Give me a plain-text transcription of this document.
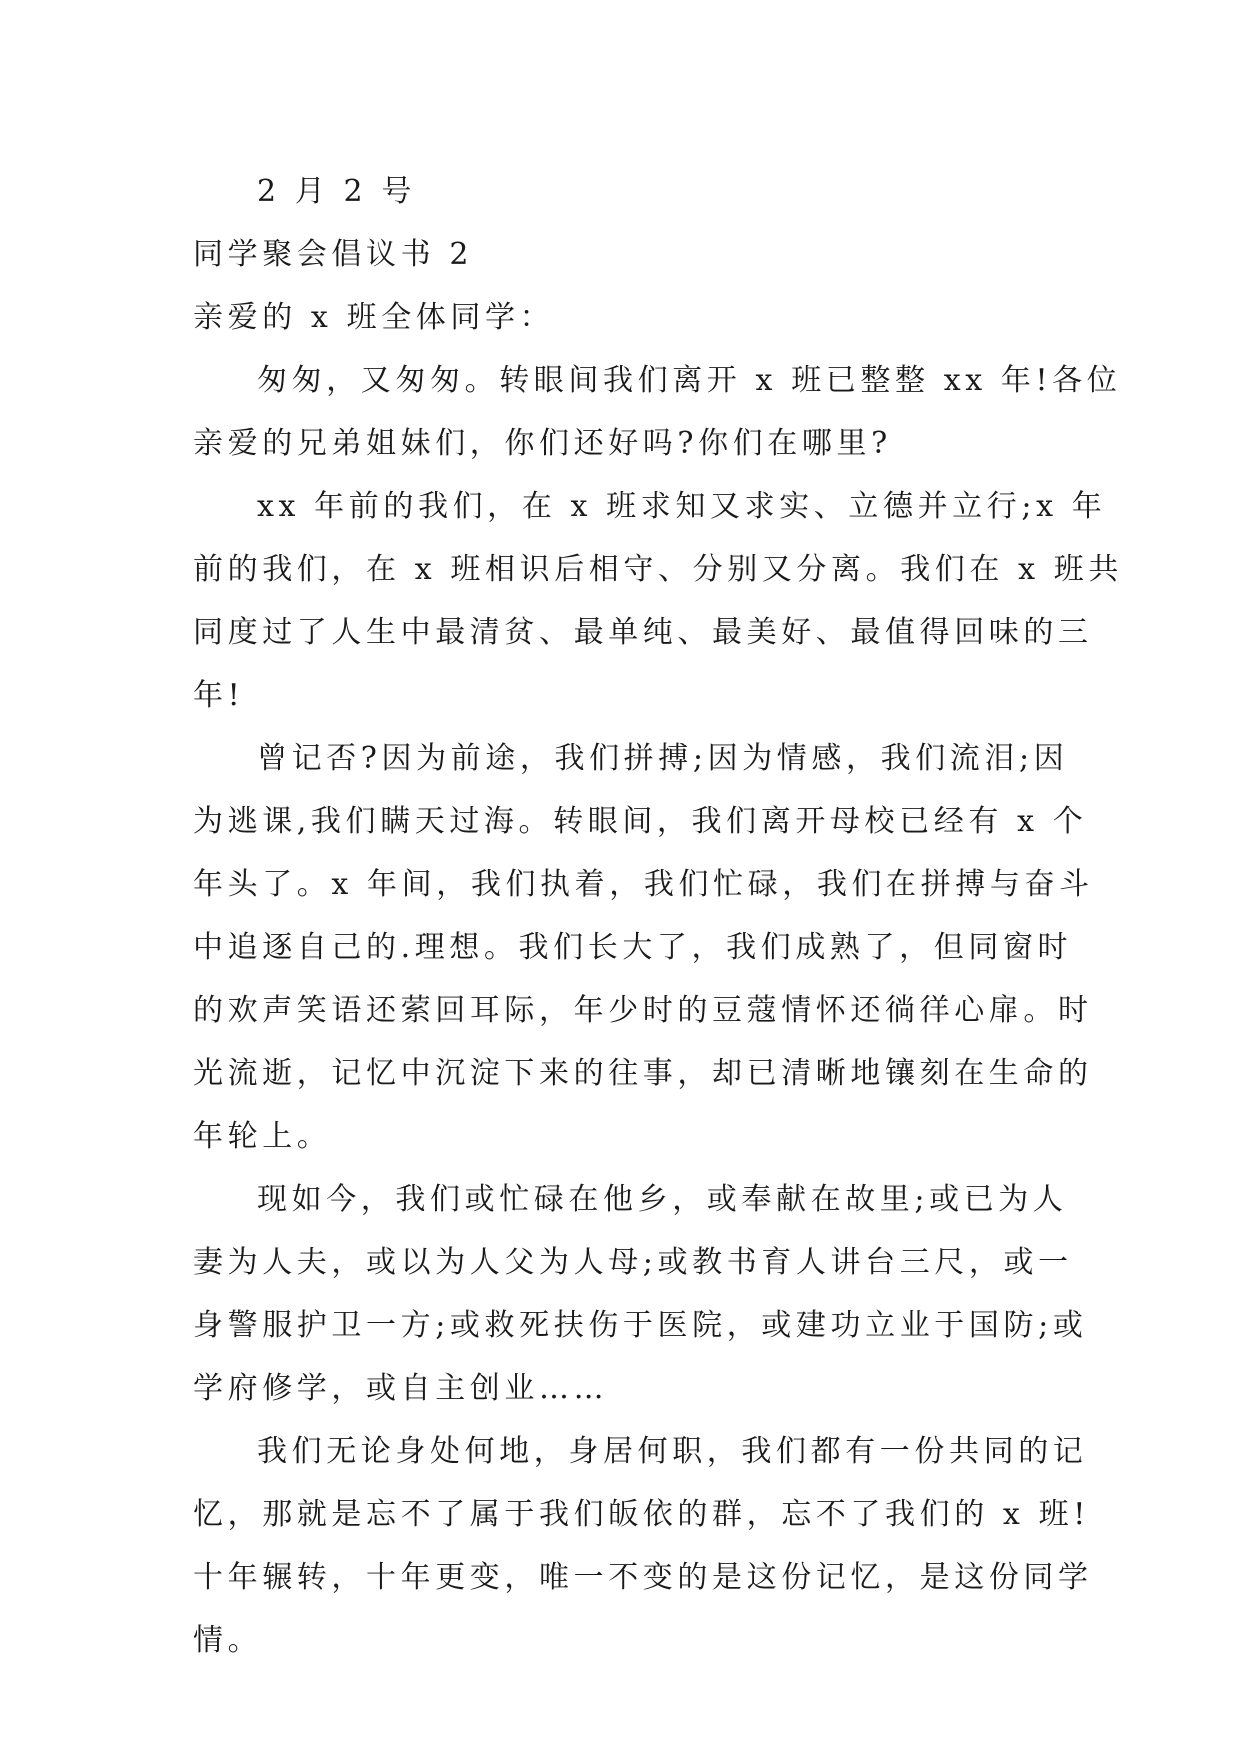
2 月 2 号

同学聚会倡议书 2

亲爱的 x 班全体同学：

匆匆，又匆匆。转眼间我们离开 x 班已整整 xx 年!各位

亲爱的兄弟姐妹们，你们还好吗?你们在哪里?

xx 年前的我们，在 x 班求知又求实、立德并立行;x 年

前的我们，在 x 班相识后相守、分别又分离。我们在 x 班共

同度过了人生中最清贫、最单纯、最美好、最值得回味的三

年!

曾记否?因为前途，我们拼搏;因为情感，我们流泪;因

为逃课,我们瞒天过海。转眼间，我们离开母校已经有 x 个

年头了。x 年间，我们执着，我们忙碌，我们在拼搏与奋斗

中追逐自己的.理想。我们长大了，我们成熟了，但同窗时

的欢声笑语还萦回耳际，年少时的豆蔻情怀还徜徉心扉。时

光流逝，记忆中沉淀下来的往事，却已清晰地镶刻在生命的

年轮上。

现如今，我们或忙碌在他乡，或奉献在故里;或已为人

妻为人夫，或以为人父为人母;或教书育人讲台三尺，或一

身警服护卫一方;或救死扶伤于医院，或建功立业于国防;或

学府修学，或自主创业……

我们无论身处何地，身居何职，我们都有一份共同的记

忆，那就是忘不了属于我们皈依的群，忘不了我们的 x 班!

十年辗转，十年更变，唯一不变的是这份记忆，是这份同学

情。
